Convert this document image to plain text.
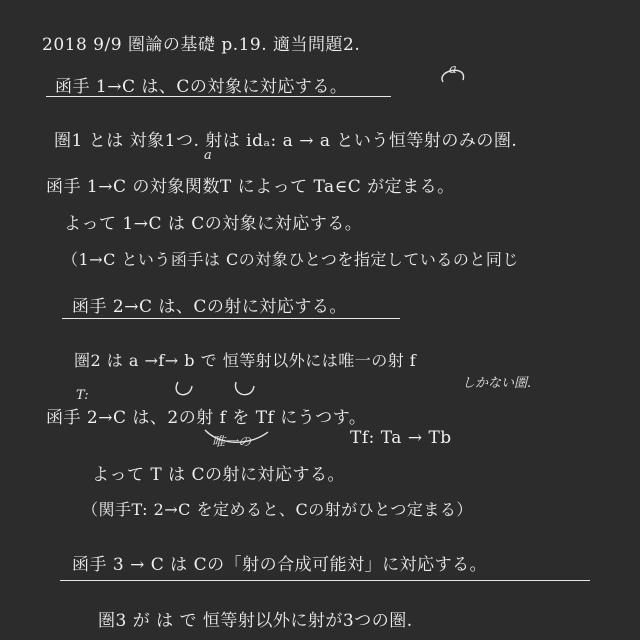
2018 9/9 圏論の基礎 p.19. 適当問題2.
函手 1→C は、Cの対象に対応する。
a
圏1 とは 対象1つ. 射は idₐ: a → a という恒等射のみの圏.
a
函手 1→C の対象関数T によって Ta∈C が定まる。
よって 1→C は Cの対象に対応する。
（1→C という函手は Cの対象ひとつを指定しているのと同じ
函手 2→C は、Cの射に対応する。
圏2 は a →f→ b で 恒等射以外には唯一の射 f
しかない圏.
T:
函手 2→C は、2の射 f を Tf にうつす。
唯一の	Tf: Ta → Tb
よって T は Cの射に対応する。
（関手T: 2→C を定めると、Cの射がひとつ定まる）
函手 3 → C は Cの「射の合成可能対」に対応する。
圏3 が は で 恒等射以外に射が3つの圏.
